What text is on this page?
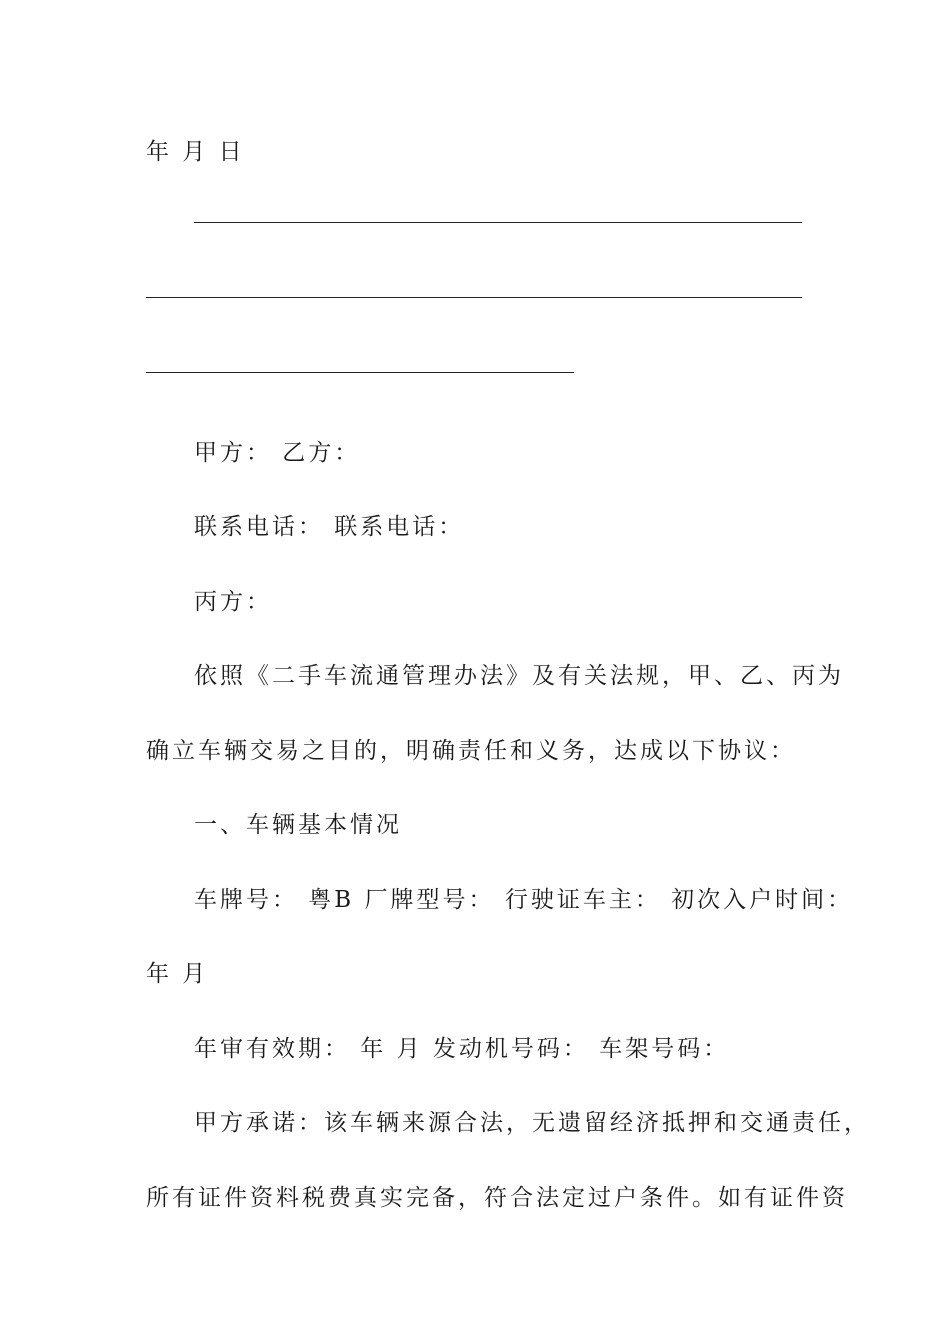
年 月 日
甲方： 乙方：
联系电话： 联系电话：
丙方：
依照《二手车流通管理办法》及有关法规，甲、乙、丙为
确立车辆交易之目的，明确责任和义务，达成以下协议：
一、车辆基本情况
车牌号： 粤B 厂牌型号： 行驶证车主： 初次入户时间：
年 月
年审有效期： 年 月 发动机号码： 车架号码：
甲方承诺：该车辆来源合法，无遗留经济抵押和交通责任，
所有证件资料税费真实完备，符合法定过户条件。如有证件资
